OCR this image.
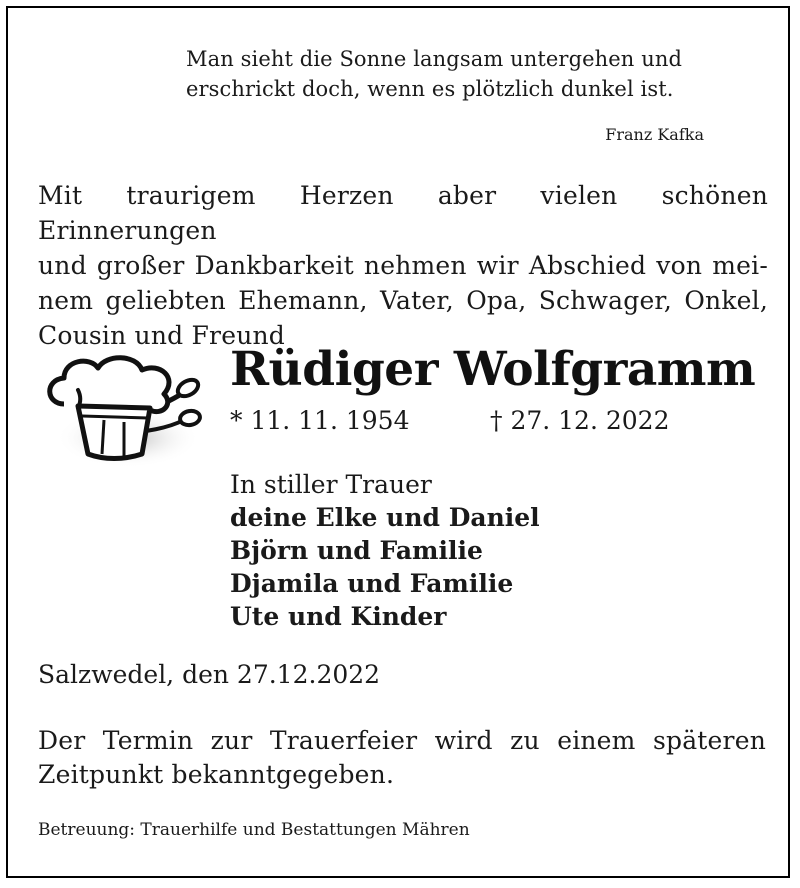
Man sieht die Sonne langsam untergehen und
erschrickt doch, wenn es plötzlich dunkel ist.
Franz Kafka
Mit traurigem Herzen aber vielen schönen Erinnerungen
und großer Dankbarkeit nehmen wir Abschied von mei-
nem geliebten Ehemann, Vater, Opa, Schwager, Onkel,
Cousin und Freund
Rüdiger Wolfgramm
* 11. 11. 1954	† 27. 12. 2022
In stiller Trauer
deine Elke und Daniel
Björn und Familie
Djamila und Familie
Ute und Kinder
Salzwedel, den 27.12.2022
Der Termin zur Trauerfeier wird zu einem späteren
Zeitpunkt bekanntgegeben.
Betreuung: Trauerhilfe und Bestattungen Mähren
